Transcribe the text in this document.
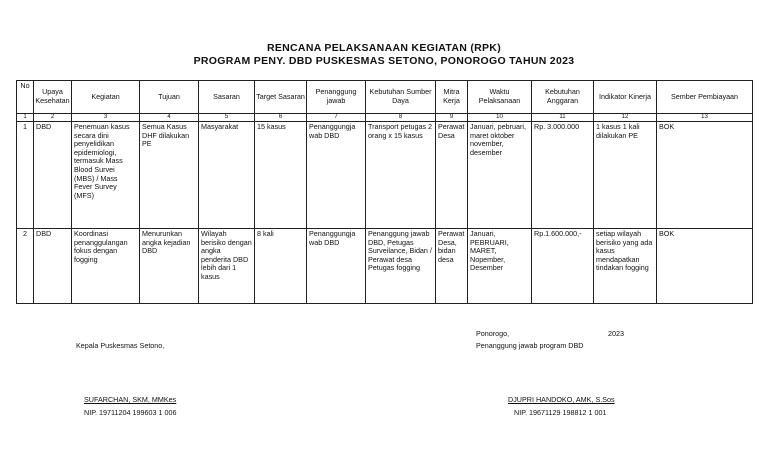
RENCANA PELAKSANAAN KEGIATAN (RPK)
PROGRAM PENY. DBD PUSKESMAS SETONO, PONOROGO TAHUN 2023
No	Upaya Kesehatan	Kegiatan	Tujuan	Sasaran	Target Sasaran	Penanggung jawab	Kebutuhan Sumber Daya	Mitra Kerja	Waktu Pelaksanaan	Kebutuhan Anggaran	Indikator Kinerja	Sember Pembiayaan
1	2	3	4	5	6	7	8	9	10	11	12	13
1	DBD	Penemuan kasus secara dini penyelidikan epidemiologi, termasuk Mass Blood Survei (MBS) / Mass Fever Survey (MFS)	Semua Kasus DHF dilakukan PE	Masyarakat	15 kasus	Penanggungja wab DBD	Transport petugas 2 orang x 15 kasus	Perawat Desa	Januari, pebruari, maret oktober november, desember	Rp. 3.000.000	1 kasus 1 kali dilakukan PE	BOK
2	DBD	Koordinasi penanggulangan fokus dengan fogging	Menurunkan angka kejadian DBD	Wilayah berisiko dengan angka penderita DBD lebih dari 1 kasus	8 kali	Penanggungja wab DBD	Penanggung jawab DBD, Petugas Surveilance, Bidan / Perawat desa Petugas fogging	Perawat Desa, bidan desa	Januari, PEBRUARI, MARET, Nopember, Desember	Rp.1.600.000,-	setiap wilayah berisiko yang ada kasus mendapatkan tindakan fogging	BOK
Ponorogo,	2023
Penanggung jawab program DBD
Kepala Puskesmas Setono,
SUFARCHAN, SKM, MMKes
NIP. 19711204 199603 1 006
DJUPRI HANDOKO, AMK, S.Sos
NIP. 19671129 198812 1 001
